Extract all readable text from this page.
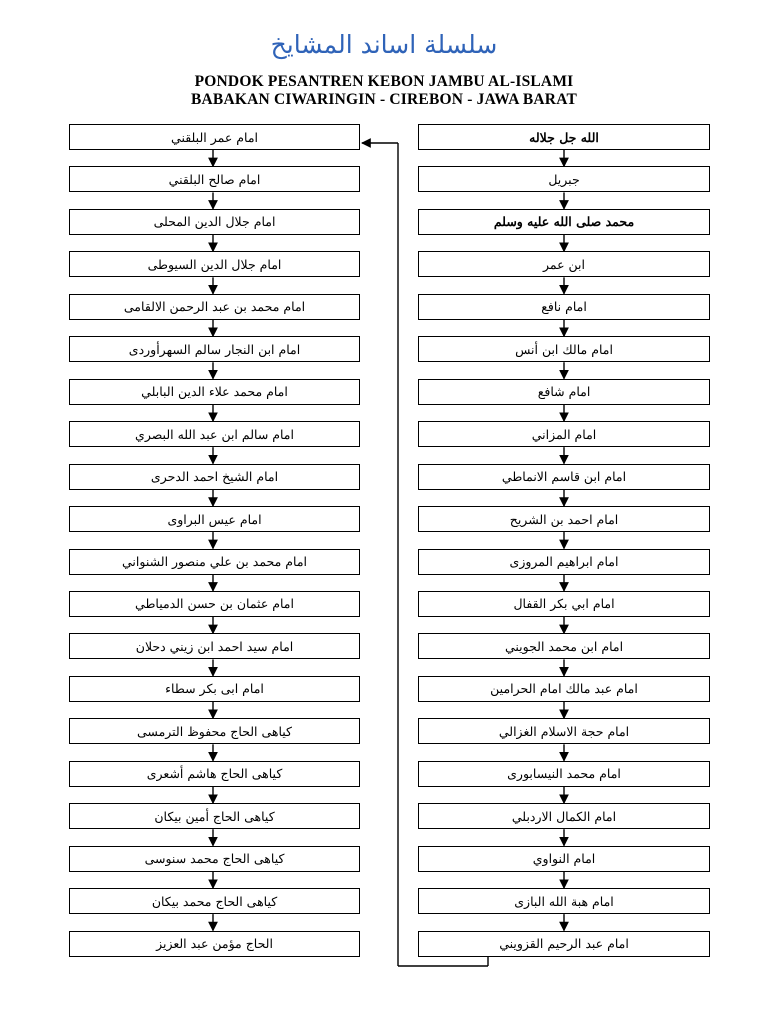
سلسلة اساند المشايخ
PONDOK PESANTREN KEBON JAMBU AL-ISLAMI
BABAKAN CIWARINGIN - CIREBON - JAWA BARAT
الله جل جلاله
جبريل
محمد صلى الله عليه وسلم
ابن عمر
امام نافع
امام مالك ابن أنس
امام شافع
امام المزاني
امام ابن قاسم الانماطي
امام احمد بن الشريح
امام ابراهيم المروزى
امام ابي بكر القفال
امام ابن محمد الجويني
امام عبد مالك امام الحرامين
امام حجة الاسلام الغزالي
امام محمد النيسابورى
امام الكمال الاردبلي
امام النواوي
امام هبة الله البازى
امام عبد الرحيم القزويني
امام عمر البلقني
امام صالح البلقني
امام جلال الدين المحلى
امام جلال الدين السيوطى
امام محمد بن عبد الرحمن الالقامى
امام ابن النجار سالم السهرأوردى
امام محمد علاء الدين البابلي
امام سالم ابن عبد الله البصري
امام الشيخ احمد الدحرى
امام عيس البراوى
امام محمد بن علي منصور الشنواني
امام عثمان بن حسن الدمياطي
امام سيد احمد ابن زيني دحلان
امام ابى بكر سطاء
كياهى الحاج محفوظ الترمسى
كياهى الحاج هاشم أشعرى
كياهى الحاج أمين بيكان
كياهى الحاج محمد سنوسى
كياهى الحاج محمد بيكان
الحاج مؤمن عبد العزيز
